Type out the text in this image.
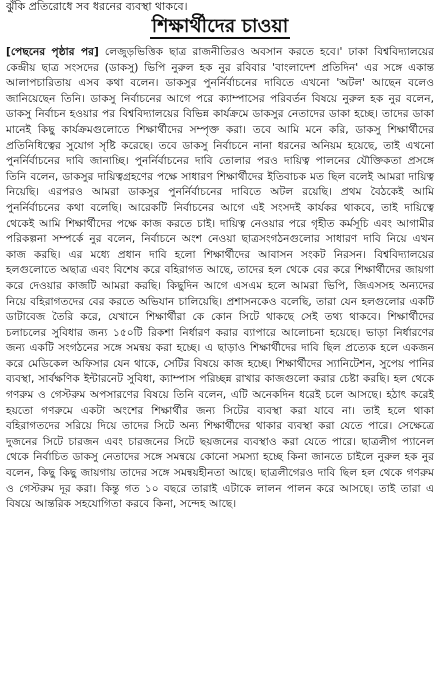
ঝুঁকি প্রতিরোধে সব ধরনের ব্যবস্থা থাকবে।

শিক্ষার্থীদের চাওয়া

[পেছনের পৃষ্ঠার পর] লেজুড়ভিত্তিক ছাত্র রাজনীতিরও অবসান করতে হবে।' ঢাকা বিশ্ববিদ্যালয়ের কেন্দ্রীয় ছাত্র সংসদের (ডাকসু) ভিপি নুরুল হক নুর রবিবার 'বাংলাদেশ প্রতিদিন' এর সঙ্গে একান্ত আলাপচারিতায় এসব কথা বলেন। ডাকসুর পুনর্নির্বাচনের দাবিতে এখনো 'অটল' আছেন বলেও জানিয়েছেন তিনি। ডাকসু নির্বাচনের আগে পরে ক্যাম্পাসের পরিবর্তন বিষয়ে নুরুল হক নুর বলেন, ডাকসু নির্বাচন হওয়ার পর বিশ্ববিদ্যালয়ের বিভিন্ন কার্যক্রমে ডাকসুর নেতাদের ডাকা হচ্ছে। তাদের ডাকা মানেই কিছু কার্যক্রমগুলোতে শিক্ষার্থীদের সম্পৃক্ত করা। তবে আমি মনে করি, ডাকসু শিক্ষার্থীদের প্রতিনিধিত্বের সুযোগ সৃষ্টি করেছে। তবে ডাকসু নির্বাচনে নানা ধরনের অনিয়ম হয়েছে, তাই এখনো পুনর্নির্বাচনের দাবি জানাচ্ছি। পুনর্নির্বাচনের দাবি তোলার পরও দায়িত্ব পালনের যৌক্তিকতা প্রসঙ্গে তিনি বলেন, ডাকসুর দায়িত্বগ্রহণের পক্ষে সাধারণ শিক্ষার্থীদের ইতিবাচক মত ছিল বলেই আমরা দায়িত্ব নিয়েছি। এরপরও আমরা ডাকসুর পুনর্নির্বাচনের দাবিতে অটল রয়েছি। প্রথম বৈঠকেই আমি পুনর্নির্বাচনের কথা বলেছি। আরেকটি নির্বাচনের আগে এই সংসদই কার্যকর থাকবে, তাই দায়িত্বে থেকেই আমি শিক্ষার্থীদের পক্ষে কাজ করতে চাই। দায়িত্ব নেওয়ার পরে গৃহীত কর্মসূচি এবং আগামীর পরিকল্পনা সম্পর্কে নুর বলেন, নির্বাচনে অংশ নেওয়া ছাত্রসংগঠনগুলোর সাধারণ দাবি নিয়ে এখন কাজ করছি। এর মধ্যে প্রধান দাবি হলো শিক্ষার্থীদের আবাসন সংকট নিরসন। বিশ্ববিদ্যালয়ের হলগুলোতে অছাত্র এবং বিশেষ করে বহিরাগত আছে, তাদের হল থেকে বের করে শিক্ষার্থীদের জায়গা করে দেওয়ার কাজটি আমরা করছি। কিছুদিন আগে এসএম হলে আমরা ভিপি, জিএসসহ অন্যদের নিয়ে বহিরাগতদের বের করতে অভিযান চালিয়েছি। প্রশাসনকেও বলেছি, তারা যেন হলগুলোর একটি ডাটাবেজ তৈরি করে, যেখানে শিক্ষার্থীরা কে কোন সিটে থাকছে সেই তথ্য থাকবে। শিক্ষার্থীদের চলাচলের সুবিধার জন্য ১৫০টি রিকশা নির্ধারণ করার ব্যাপারে আলোচনা হয়েছে। ভাড়া নির্ধারণের জন্য একটি সংগঠনের সঙ্গে সমন্বয় করা হচ্ছে। এ ছাড়াও শিক্ষার্থীদের দাবি ছিল প্রত্যেক হলে একজন করে মেডিকেল অফিসার যেন থাকে, সেটির বিষয়ে কাজ হচ্ছে। শিক্ষার্থীদের স্যানিটেশন, সুপেয় পানির ব্যবস্থা, সার্বক্ষণিক ইন্টারনেট সুবিধা, ক্যাম্পাস পরিচ্ছন্ন রাখার কাজগুলো করার চেষ্টা করছি। হল থেকে গণরুম ও গেস্টরুম অপসারণের বিষয়ে তিনি বলেন, এটি অনেকদিন ধরেই চলে আসছে। হঠাৎ করেই হয়তো গণরুমে একটা অংশের শিক্ষার্থীর জন্য সিটের ব্যবস্থা করা যাবে না। তাই হলে থাকা বহিরাগতদের সরিয়ে দিয়ে তাদের সিটে অন্য শিক্ষার্থীদের থাকার ব্যবস্থা করা যেতে পারে। সেক্ষেত্রে দুজনের সিটে চারজন এবং চারজনের সিটে ছয়জনের ব্যবস্থাও করা যেতে পারে। ছাত্রলীগ প্যানেল থেকে নির্বাচিত ডাকসু নেতাদের সঙ্গে সমন্বয়ে কোনো সমস্যা হচ্ছে কিনা জানতে চাইলে নুরুল হক নুর বলেন, কিছু কিছু জায়গায় তাদের সঙ্গে সমন্বয়হীনতা আছে। ছাত্রলীগেরও দাবি ছিল হল থেকে গণরুম ও গেস্টরুম দূর করা। কিন্তু গত ১০ বছরে তারাই এটাকে লালন পালন করে আসছে। তাই তারা এ বিষয়ে আন্তরিক সহযোগিতা করবে কিনা, সন্দেহ আছে।
